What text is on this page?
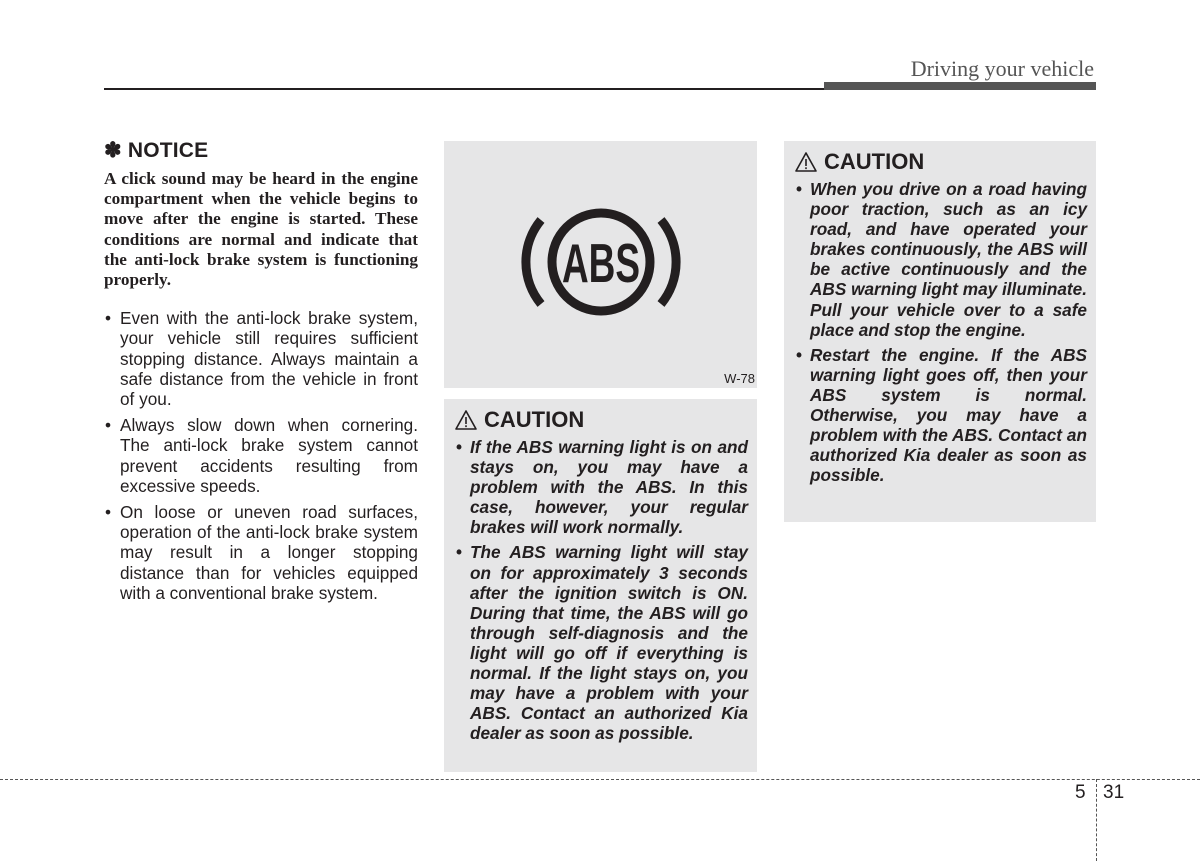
Driving your vehicle
✽ NOTICE

A click sound may be heard in the engine compartment when the vehicle begins to move after the engine is started. These conditions are normal and indicate that the anti-lock brake system is functioning properly.

• Even with the anti-lock brake system, your vehicle still requires sufficient stopping distance. Always maintain a safe distance from the vehicle in front of you.
• Always slow down when cornering. The anti-lock brake system cannot prevent accidents resulting from excessive speeds.
• On loose or uneven road surfaces, operation of the anti-lock brake system may result in a longer stopping distance than for vehicles equipped with a conventional brake system.
ABS
W-78
CAUTION
• If the ABS warning light is on and stays on, you may have a problem with the ABS. In this case, however, your regular brakes will work normally.
• The ABS warning light will stay on for approximately 3 seconds after the ignition switch is ON. During that time, the ABS will go through self-diagnosis and the light will go off if everything is normal. If the light stays on, you may have a problem with your ABS. Contact an authorized Kia dealer as soon as possible.
CAUTION
• When you drive on a road having poor traction, such as an icy road, and have operated your brakes continuously, the ABS will be active continuously and the ABS warning light may illuminate. Pull your vehicle over to a safe place and stop the engine.
• Restart the engine. If the ABS warning light goes off, then your ABS system is normal. Otherwise, you may have a problem with the ABS. Contact an authorized Kia dealer as soon as possible.
5 31
